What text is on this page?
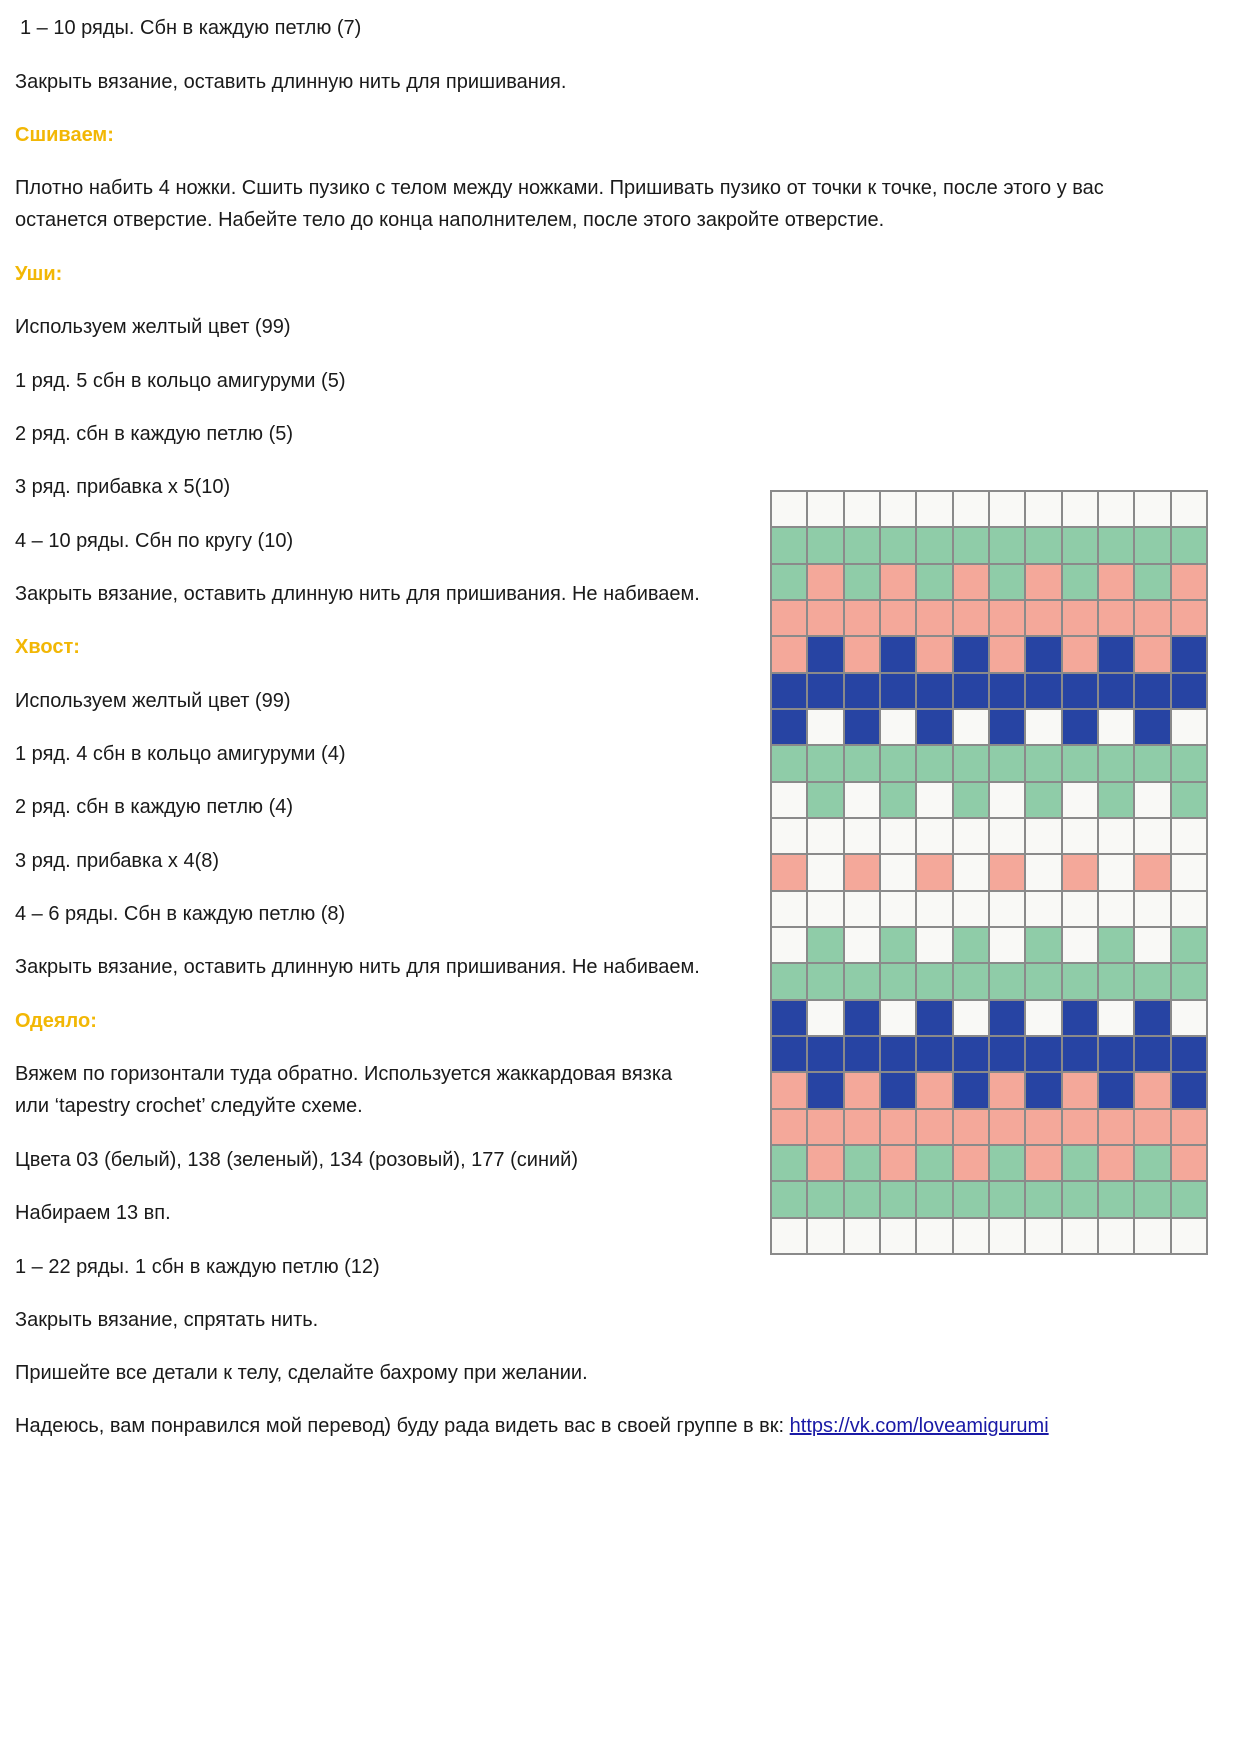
1 – 10 ряды. Сбн в каждую петлю (7)
Закрыть вязание, оставить длинную нить для пришивания.
Сшиваем:
Плотно набить 4 ножки. Сшить пузико с телом между ножками. Пришивать пузико от точки к точке, после этого у вас
останется отверстие. Набейте тело до конца наполнителем, после этого закройте отверстие.
Уши:
Используем желтый цвет (99)
1 ряд. 5 сбн в кольцо амигуруми (5)
2 ряд. сбн в каждую петлю (5)
3 ряд. прибавка х 5(10)
4 – 10 ряды. Сбн по кругу (10)
Закрыть вязание, оставить длинную нить для пришивания. Не набиваем.
Хвост:
Используем желтый цвет (99)
1 ряд. 4 сбн в кольцо амигуруми (4)
2 ряд. сбн в каждую петлю (4)
3 ряд. прибавка х 4(8)
4 – 6 ряды. Сбн в каждую петлю (8)
Закрыть вязание, оставить длинную нить для пришивания. Не набиваем.
Одеяло:
Вяжем по горизонтали туда обратно. Используется жаккардовая вязка
или ‘tapestry crochet’ следуйте схеме.
Цвета 03 (белый), 138 (зеленый), 134 (розовый), 177 (синий)
Набираем 13 вп.
1 – 22 ряды. 1 сбн в каждую петлю (12)
Закрыть вязание, спрятать нить.
Пришейте все детали к телу, сделайте бахрому при желании.
Надеюсь, вам понравился мой перевод) буду рада видеть вас в своей группе в вк: https://vk.com/loveamigurumi
